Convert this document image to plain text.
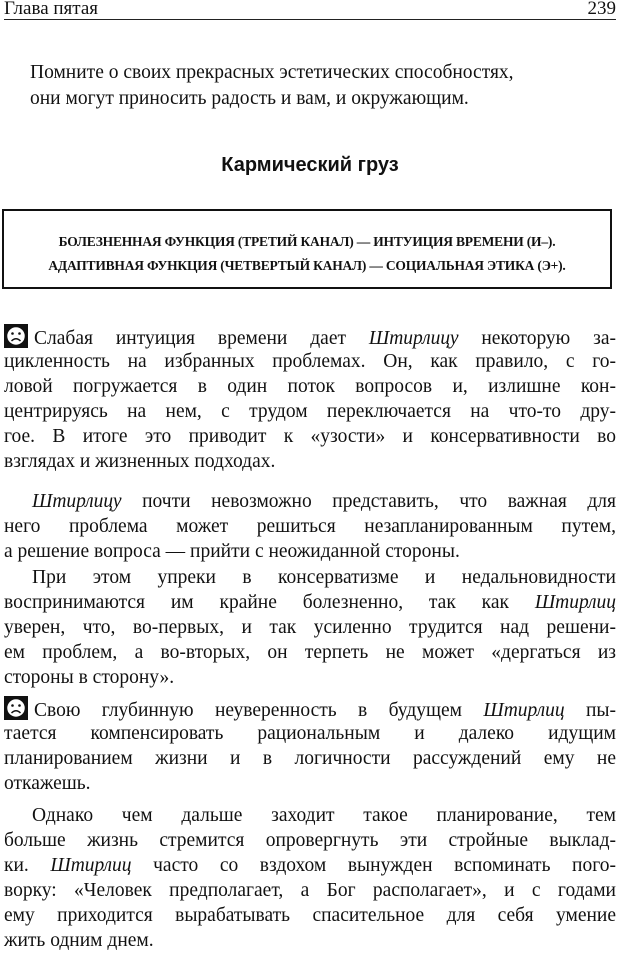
Глава пятая	239
Помните о своих прекрасных эстетических способностях,
они могут приносить радость и вам, и окружающим.
Кармический груз
БОЛЕЗНЕННАЯ ФУНКЦИЯ (ТРЕТИЙ КАНАЛ) — ИНТУИЦИЯ ВРЕМЕНИ (И–).
АДАПТИВНАЯ ФУНКЦИЯ (ЧЕТВЕРТЫЙ КАНАЛ) — СОЦИАЛЬНАЯ ЭТИКА (Э+).
Слабая интуиция времени дает Штирлицу некоторую за-
цикленность на избранных проблемах. Он, как правило, с го-
ловой погружается в один поток вопросов и, излишне кон-
центрируясь на нем, с трудом переключается на что-то дру-
гое. В итоге это приводит к «узости» и консервативности во
взглядах и жизненных подходах.
Штирлицу почти невозможно представить, что важная для
него проблема может решиться незапланированным путем,
а решение вопроса — прийти с неожиданной стороны.
При этом упреки в консерватизме и недальновидности
воспринимаются им крайне болезненно, так как Штирлиц
уверен, что, во-первых, и так усиленно трудится над решени-
ем проблем, а во-вторых, он терпеть не может «дергаться из
стороны в сторону».
Свою глубинную неуверенность в будущем Штирлиц пы-
тается компенсировать рациональным и далеко идущим
планированием жизни и в логичности рассуждений ему не
откажешь.
Однако чем дальше заходит такое планирование, тем
больше жизнь стремится опровергнуть эти стройные выклад-
ки. Штирлиц часто со вздохом вынужден вспоминать пого-
ворку: «Человек предполагает, а Бог располагает», и с годами
ему приходится вырабатывать спасительное для себя умение
жить одним днем.
